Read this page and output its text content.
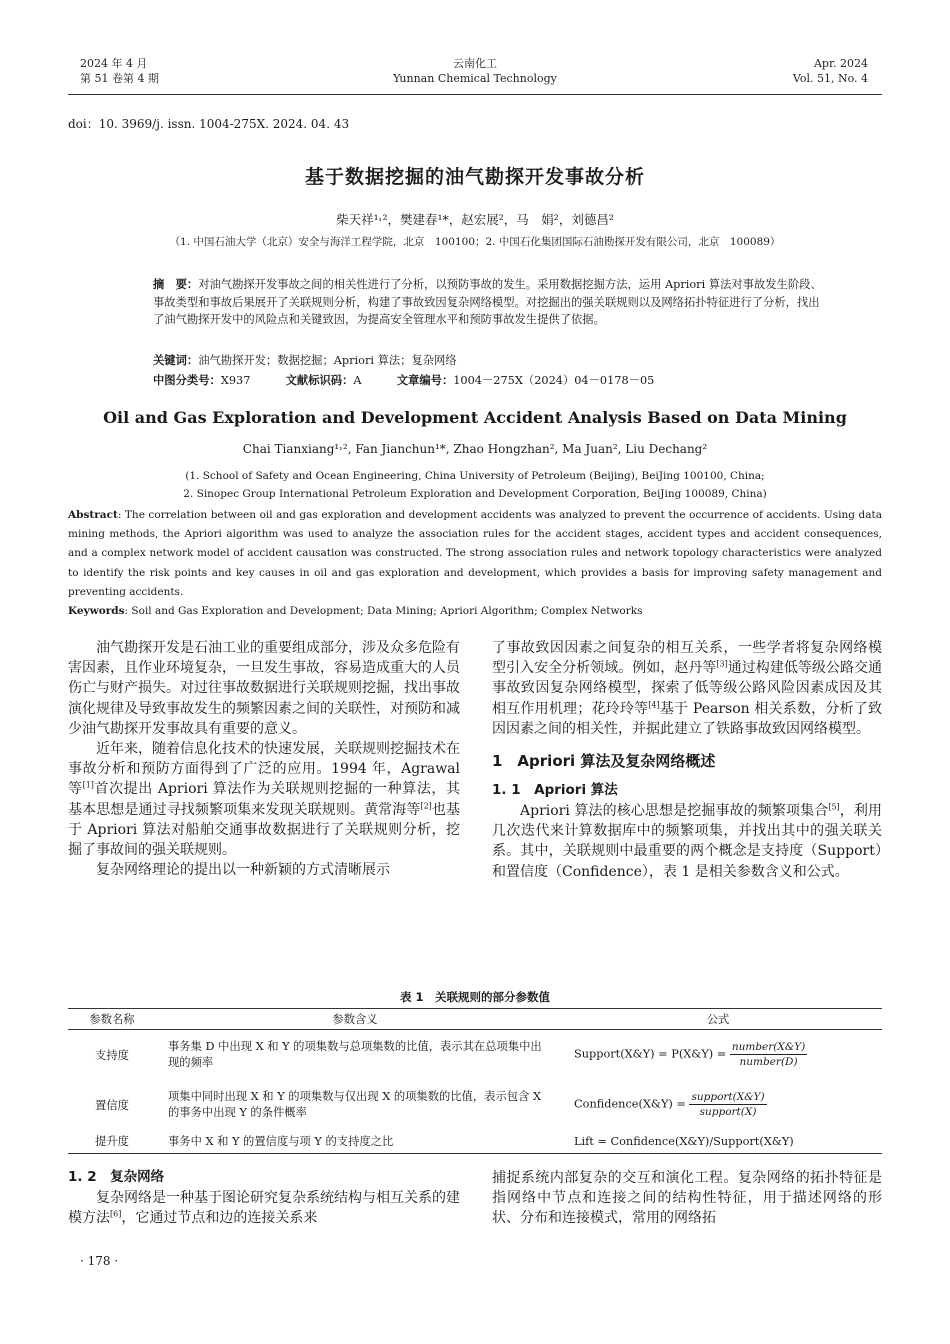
2024 年 4 月
第 51 卷第 4 期
云南化工
Yunnan Chemical Technology
Apr. 2024
Vol. 51, No. 4
doi：10. 3969/j. issn. 1004-275X. 2024. 04. 43
基于数据挖掘的油气勘探开发事故分析
柴天祥¹˒²，樊建春¹*，赵宏展²，马　娟²，刘德昌²
（1. 中国石油大学（北京）安全与海洋工程学院，北京　100100；2. 中国石化集团国际石油勘探开发有限公司，北京　100089）
摘　要：对油气勘探开发事故之间的相关性进行了分析，以预防事故的发生。采用数据挖掘方法，运用 Apriori 算法对事故发生阶段、事故类型和事故后果展开了关联规则分析，构建了事故致因复杂网络模型。对挖掘出的强关联规则以及网络拓扑特征进行了分析，找出了油气勘探开发中的风险点和关键致因，为提高安全管理水平和预防事故发生提供了依据。
关键词：油气勘探开发；数据挖掘；Apriori 算法；复杂网络
中图分类号：X937	文献标识码：A	文章编号：1004－275X（2024）04－0178－05
Oil and Gas Exploration and Development Accident Analysis Based on Data Mining
Chai Tianxiang¹˒², Fan Jianchun¹*, Zhao Hongzhan², Ma Juan², Liu Dechang²
(1. School of Safety and Ocean Engineering, China University of Petroleum (Beijing), BeiJing 100100, China;
2. Sinopec Group International Petroleum Exploration and Development Corporation, BeiJing 100089, China)
Abstract: The correlation between oil and gas exploration and development accidents was analyzed to prevent the occurrence of accidents. Using data mining methods, the Apriori algorithm was used to analyze the association rules for the accident stages, accident types and accident consequences, and a complex network model of accident causation was constructed. The strong association rules and network topology characteristics were analyzed to identify the risk points and key causes in oil and gas exploration and development, which provides a basis for improving safety management and preventing accidents.
Keywords: Soil and Gas Exploration and Development; Data Mining; Apriori Algorithm; Complex Networks

油气勘探开发是石油工业的重要组成部分，涉及众多危险有害因素，且作业环境复杂，一旦发生事故，容易造成重大的人员伤亡与财产损失。对过往事故数据进行关联规则挖掘，找出事故演化规律及导致事故发生的频繁因素之间的关联性，对预防和减少油气勘探开发事故具有重要的意义。

近年来，随着信息化技术的快速发展，关联规则挖掘技术在事故分析和预防方面得到了广泛的应用。1994 年，Agrawal 等[1]首次提出 Apriori 算法作为关联规则挖掘的一种算法，其基本思想是通过寻找频繁项集来发现关联规则。黄常海等[2]也基于 Apriori 算法对船舶交通事故数据进行了关联规则分析，挖掘了事故间的强关联规则。

复杂网络理论的提出以一种新颖的方式清晰展示

了事故致因因素之间复杂的相互关系，一些学者将复杂网络模型引入安全分析领域。例如，赵丹等[3]通过构建低等级公路交通事故致因复杂网络模型，探索了低等级公路风险因素成因及其相互作用机理；花玲玲等[4]基于 Pearson 相关系数，分析了致因因素之间的相关性，并据此建立了铁路事故致因网络模型。

1　Apriori 算法及复杂网络概述
1. 1　Apriori 算法

Apriori 算法的核心思想是挖掘事故的频繁项集合[5]，利用几次迭代来计算数据库中的频繁项集，并找出其中的强关联关系。其中，关联规则中最重要的两个概念是支持度（Support）和置信度（Confidence），表 1 是相关参数含义和公式。

表 1　关联规则的部分参数值
参数名称	参数含义	公式
支持度	事务集 D 中出现 X 和 Y 的项集数与总项集数的比值，表示其在总项集中出现的频率	Support(X&Y) = P(X&Y) = $\frac{\text{number(X\&Y)}}{\text{number(D)}}$

置信度	项集中同时出现 X 和 Y 的项集数与仅出现 X 的项集数的比值，表示包含 X 的事务中出现 Y 的条件概率	Confidence(X&Y) = $\frac{\text{support(X\&Y)}}{\text{support(X)}}$

提升度	事务中 X 和 Y 的置信度与项 Y 的支持度之比	Lift = Confidence(X&Y)/Support(X&Y)
1. 2　复杂网络

复杂网络是一种基于图论研究复杂系统结构与相互关系的建模方法[6]，它通过节点和边的连接关系来

捕捉系统内部复杂的交互和演化工程。复杂网络的拓扑特征是指网络中节点和连接之间的结构性特征，用于描述网络的形状、分布和连接模式，常用的网络拓

· 178 ·
